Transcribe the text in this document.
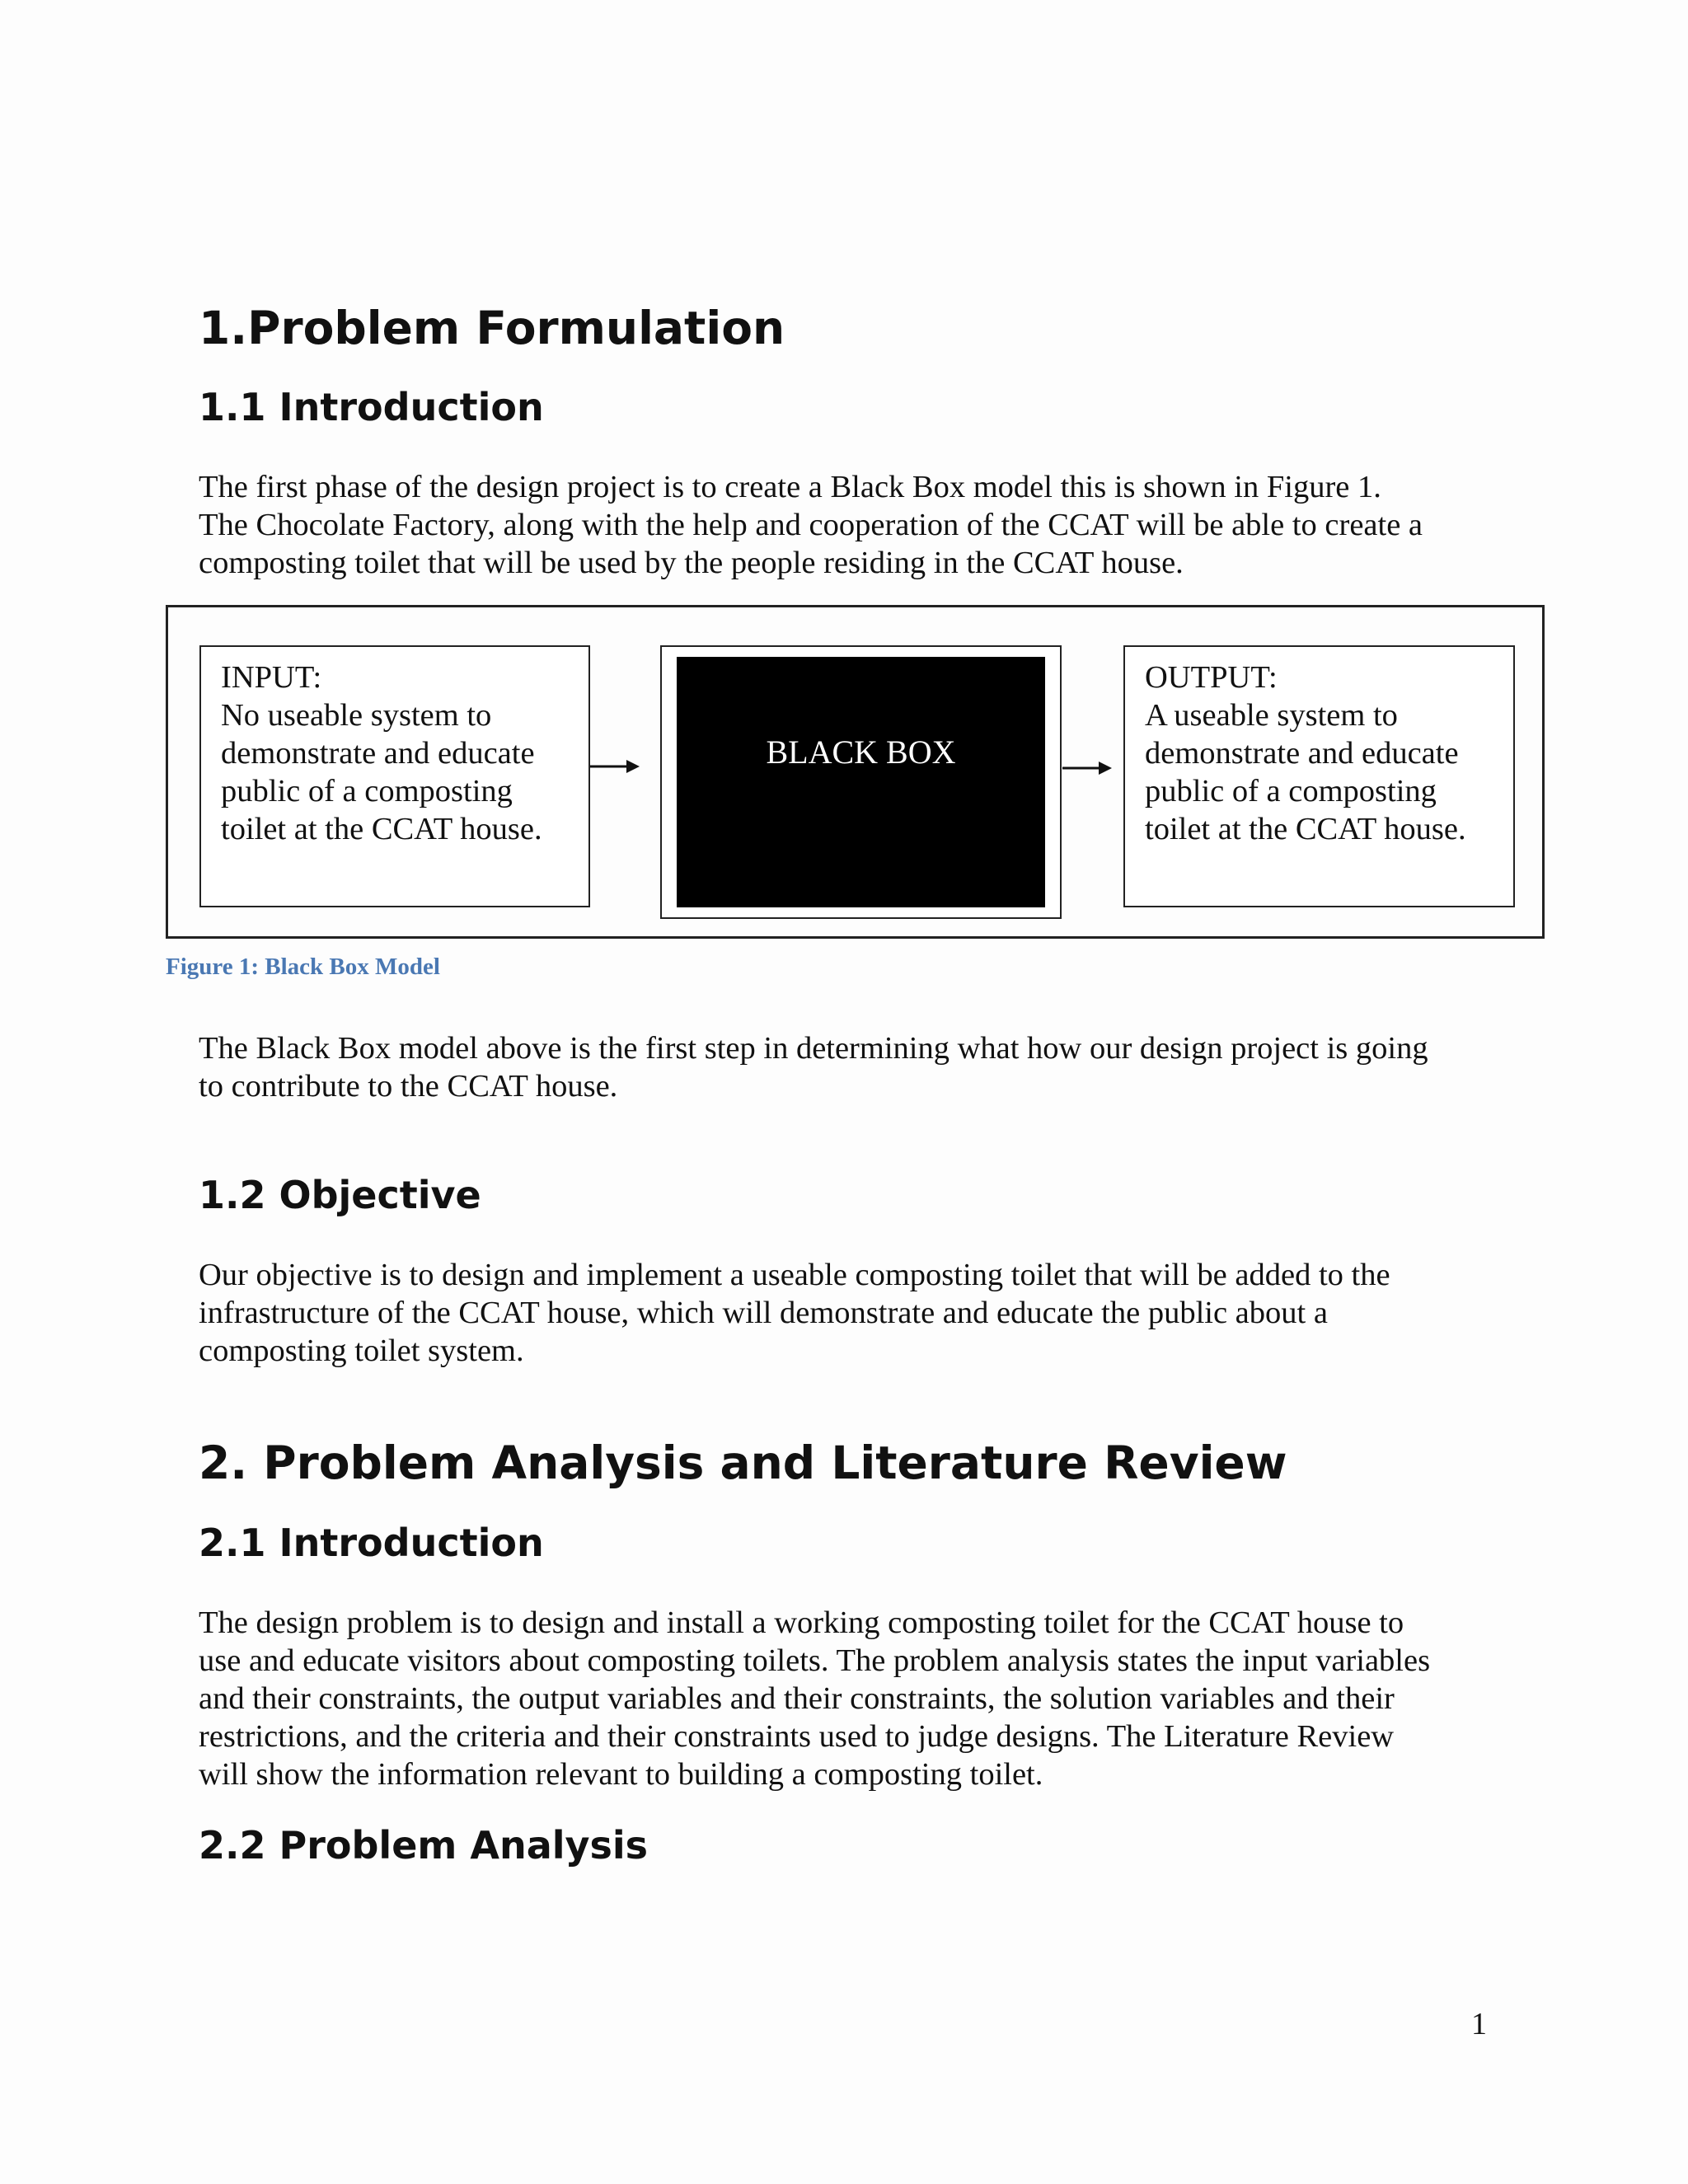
1.Problem Formulation
1.1 Introduction
The first phase of the design project is to create a Black Box model this is shown in Figure 1.
The Chocolate Factory, along with the help and cooperation of the CCAT will be able to create a
composting toilet that will be used by the people residing in the CCAT house.
INPUT:
No useable system to
demonstrate and educate
public of a composting
toilet at the CCAT house.
BLACK BOX
OUTPUT:
A useable system to
demonstrate and educate
public of a composting
toilet at the CCAT house.
Figure 1: Black Box Model
The Black Box model above is the first step in determining what how our design project is going
to contribute to the CCAT house.
1.2 Objective
Our objective is to design and implement a useable composting toilet that will be added to the
infrastructure of the CCAT house, which will demonstrate and educate the public about a
composting toilet system.
2. Problem Analysis and Literature Review
2.1 Introduction
The design problem is to design and install a working composting toilet for the CCAT house to
use and educate visitors about composting toilets. The problem analysis states the input variables
and their constraints, the output variables and their constraints, the solution variables and their
restrictions, and the criteria and their constraints used to judge designs. The Literature Review
will show the information relevant to building a composting toilet.
2.2 Problem Analysis
1
